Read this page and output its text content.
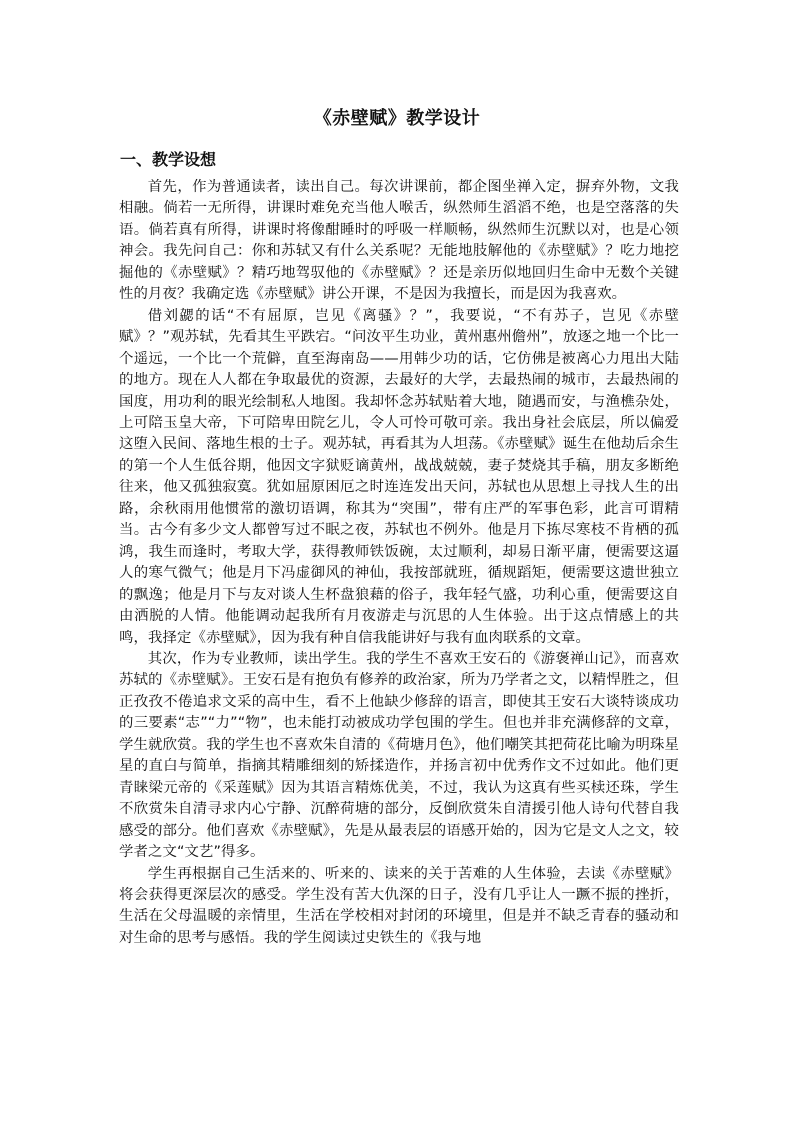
《赤壁赋》教学设计
一、教学设想

首先，作为普通读者，读出自己。每次讲课前，都企图坐禅入定，摒弃外物，文我相融。倘若一无所得，讲课时难免充当他人喉舌，纵然师生滔滔不绝，也是空落落的失语。倘若真有所得，讲课时将像酣睡时的呼吸一样顺畅，纵然师生沉默以对，也是心领神会。我先问自己：你和苏轼又有什么关系呢？无能地肢解他的《赤壁赋》？吃力地挖掘他的《赤壁赋》？精巧地驾驭他的《赤壁赋》？还是亲历似地回归生命中无数个关键性的月夜？我确定选《赤壁赋》讲公开课，不是因为我擅长，而是因为我喜欢。

借刘勰的话“不有屈原，岂见《离骚》？”，我要说，“不有苏子，岂见《赤壁赋》？”观苏轼，先看其生平跌宕。“问汝平生功业，黄州惠州儋州”，放逐之地一个比一个遥远，一个比一个荒僻，直至海南岛——用韩少功的话，它仿佛是被离心力甩出大陆的地方。现在人人都在争取最优的资源，去最好的大学，去最热闹的城市，去最热闹的国度，用功利的眼光绘制私人地图。我却怀念苏轼贴着大地，随遇而安，与渔樵杂处，上可陪玉皇大帝，下可陪卑田院乞儿，令人可怜可敬可亲。我出身社会底层，所以偏爱这堕入民间、落地生根的士子。观苏轼，再看其为人坦荡。《赤壁赋》诞生在他劫后余生的第一个人生低谷期，他因文字狱贬谪黄州，战战兢兢，妻子焚烧其手稿，朋友多断绝往来，他又孤独寂寞。犹如屈原困厄之时连连发出天问，苏轼也从思想上寻找人生的出路，余秋雨用他惯常的激切语调，称其为“突围”，带有庄严的军事色彩，此言可谓精当。古今有多少文人都曾写过不眠之夜，苏轼也不例外。他是月下拣尽寒枝不肯栖的孤鸿，我生而逢时，考取大学，获得教师铁饭碗，太过顺利，却易日渐平庸，便需要这逼人的寒气微气；他是月下冯虚御风的神仙，我按部就班，循规蹈矩，便需要这遗世独立的飘逸；他是月下与友对谈人生杯盘狼藉的俗子，我年轻气盛，功利心重，便需要这自由洒脱的人情。他能调动起我所有月夜游走与沉思的人生体验。出于这点情感上的共鸣，我择定《赤壁赋》，因为我有种自信我能讲好与我有血肉联系的文章。

其次，作为专业教师，读出学生。我的学生不喜欢王安石的《游褒禅山记》，而喜欢苏轼的《赤壁赋》。王安石是有抱负有修养的政治家，所为乃学者之文，以精悍胜之，但正孜孜不倦追求文采的高中生，看不上他缺少修辞的语言，即使其王安石大谈特谈成功的三要素“志”“力”“物”，也未能打动被成功学包围的学生。但也并非充满修辞的文章，学生就欣赏。我的学生也不喜欢朱自清的《荷塘月色》，他们嘲笑其把荷花比喻为明珠星星的直白与简单，指摘其精雕细刻的矫揉造作，并扬言初中优秀作文不过如此。他们更青睐梁元帝的《采莲赋》因为其语言精炼优美，不过，我认为这真有些买椟还珠，学生不欣赏朱自清寻求内心宁静、沉醉荷塘的部分，反倒欣赏朱自清援引他人诗句代替自我感受的部分。他们喜欢《赤壁赋》，先是从最表层的语感开始的，因为它是文人之文，较学者之文“文艺”得多。

学生再根据自己生活来的、听来的、读来的关于苦难的人生体验，去读《赤壁赋》将会获得更深层次的感受。学生没有苦大仇深的日子，没有几乎让人一蹶不振的挫折，生活在父母温暖的亲情里，生活在学校相对封闭的环境里，但是并不缺乏青春的骚动和对生命的思考与感悟。我的学生阅读过史铁生的《我与地
